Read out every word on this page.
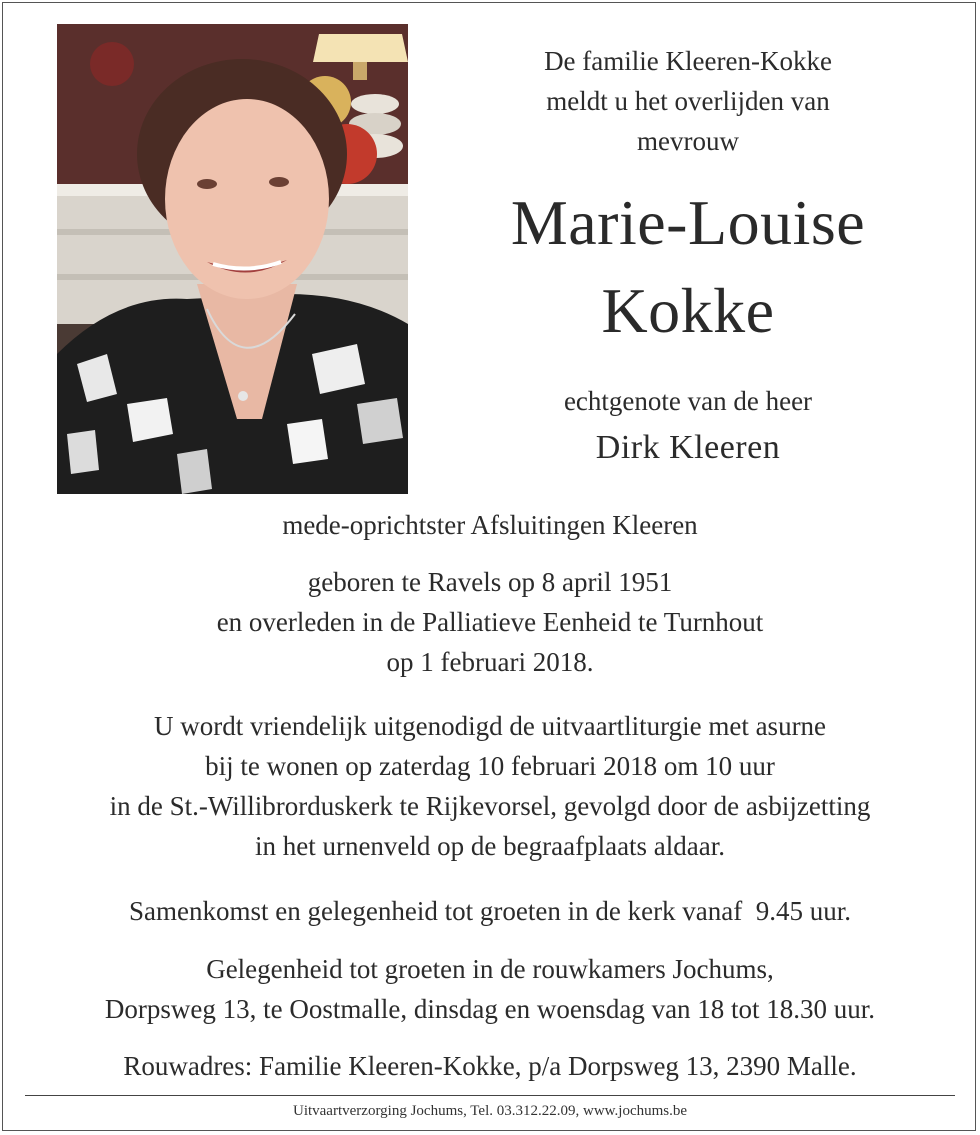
De familie Kleeren-Kokke
meldt u het overlijden van
mevrouw
Marie-Louise
Kokke
echtgenote van de heer
Dirk Kleeren
mede-oprichtster Afsluitingen Kleeren
geboren te Ravels op 8 april 1951
en overleden in de Palliatieve Eenheid te Turnhout
op 1 februari 2018.
U wordt vriendelijk uitgenodigd de uitvaartliturgie met asurne
bij te wonen op zaterdag 10 februari 2018 om 10 uur
in de St.-Willibrorduskerk te Rijkevorsel, gevolgd door de asbijzetting
in het urnenveld op de begraafplaats aldaar.
Samenkomst en gelegenheid tot groeten in de kerk vanaf  9.45 uur.
Gelegenheid tot groeten in de rouwkamers Jochums,
Dorpsweg 13, te Oostmalle, dinsdag en woensdag van 18 tot 18.30 uur.
Rouwadres: Familie Kleeren-Kokke, p/a Dorpsweg 13, 2390 Malle.
Uitvaartverzorging Jochums, Tel. 03.312.22.09, www.jochums.be
